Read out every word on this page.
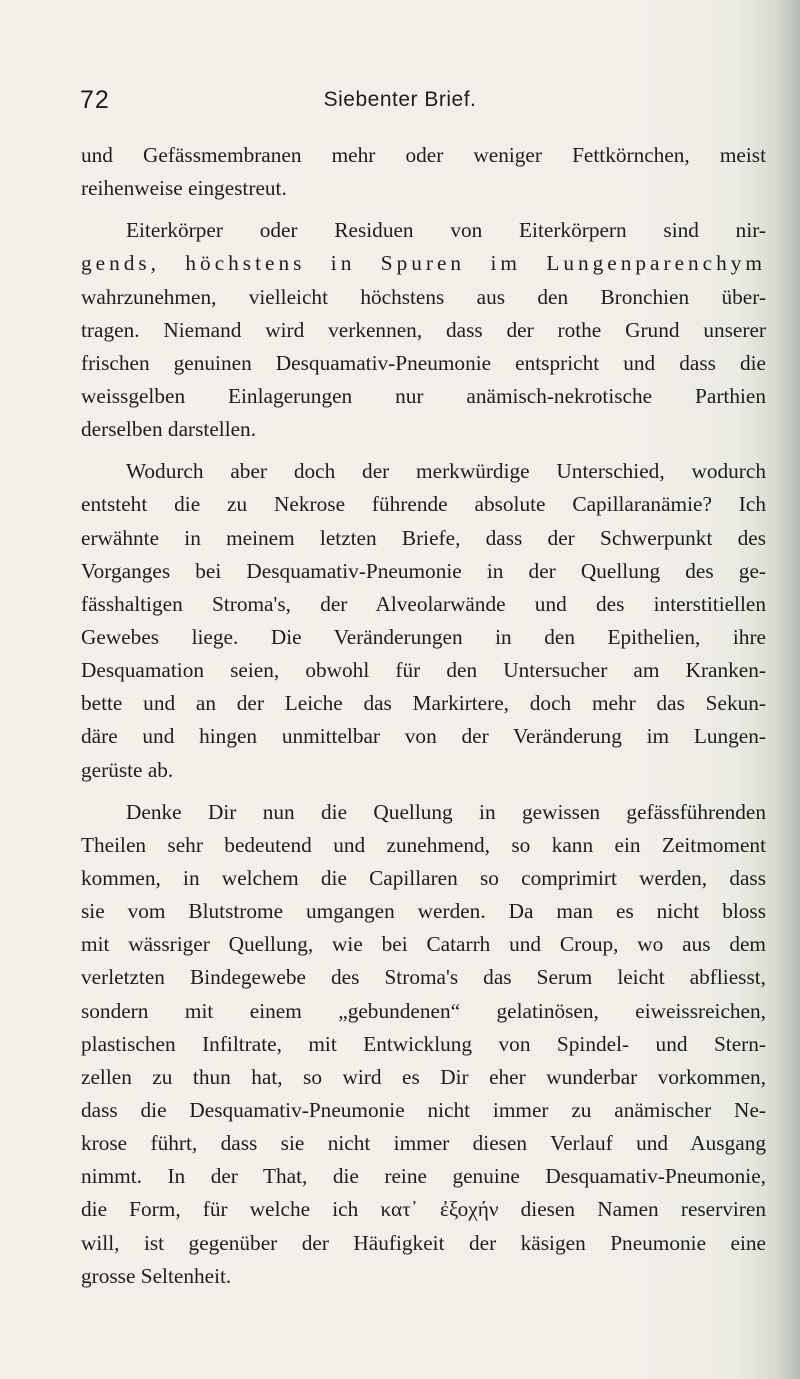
72	Siebenter Brief.
und Gefässmembranen mehr oder weniger Fettkörnchen, meist
reihenweise eingestreut.
Eiterkörper oder Residuen von Eiterkörpern sind nir-
gends, höchstens in Spuren im Lungenparenchym
wahrzunehmen, vielleicht höchstens aus den Bronchien über-
tragen. Niemand wird verkennen, dass der rothe Grund unserer
frischen genuinen Desquamativ-Pneumonie entspricht und dass die
weissgelben Einlagerungen nur anämisch-nekrotische Parthien
derselben darstellen.
Wodurch aber doch der merkwürdige Unterschied, wodurch
entsteht die zu Nekrose führende absolute Capillaranämie? Ich
erwähnte in meinem letzten Briefe, dass der Schwerpunkt des
Vorganges bei Desquamativ-Pneumonie in der Quellung des ge-
fässhaltigen Stroma's, der Alveolarwände und des interstitiellen
Gewebes liege. Die Veränderungen in den Epithelien, ihre
Desquamation seien, obwohl für den Untersucher am Kranken-
bette und an der Leiche das Markirtere, doch mehr das Sekun-
däre und hingen unmittelbar von der Veränderung im Lungen-
gerüste ab.
Denke Dir nun die Quellung in gewissen gefässführenden
Theilen sehr bedeutend und zunehmend, so kann ein Zeitmoment
kommen, in welchem die Capillaren so comprimirt werden, dass
sie vom Blutstrome umgangen werden. Da man es nicht bloss
mit wässriger Quellung, wie bei Catarrh und Croup, wo aus dem
verletzten Bindegewebe des Stroma's das Serum leicht abfliesst,
sondern mit einem „gebundenen“ gelatinösen, eiweissreichen,
plastischen Infiltrate, mit Entwicklung von Spindel- und Stern-
zellen zu thun hat, so wird es Dir eher wunderbar vorkommen,
dass die Desquamativ-Pneumonie nicht immer zu anämischer Ne-
krose führt, dass sie nicht immer diesen Verlauf und Ausgang
nimmt. In der That, die reine genuine Desquamativ-Pneumonie,
die Form, für welche ich κατ᾽ ἐξοχήν diesen Namen reserviren
will, ist gegenüber der Häufigkeit der käsigen Pneumonie eine
grosse Seltenheit.
